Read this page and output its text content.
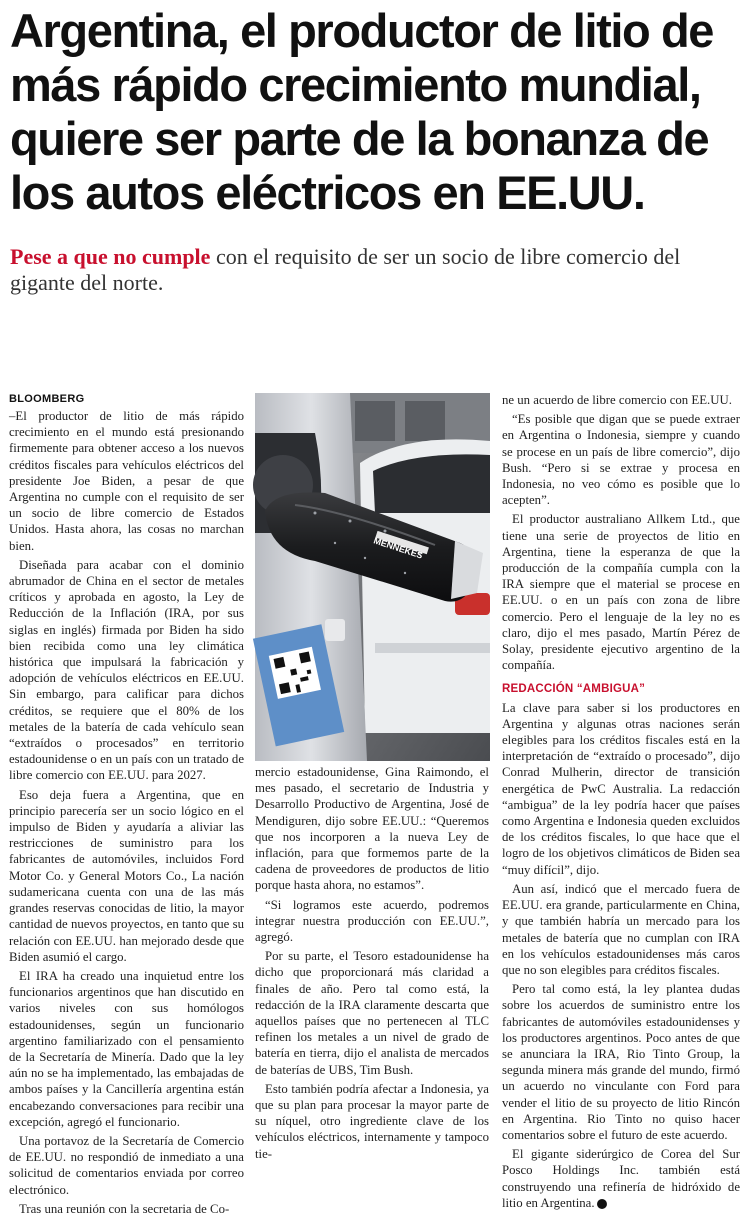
Argentina, el productor de litio de más rápido crecimiento mundial, quiere ser parte de la bonanza de los autos eléctricos en EE.UU.
Pese a que no cumple con el requisito de ser un socio de libre comercio del gigante del norte.
BLOOMBERG

–El productor de litio de más rápido crecimiento en el mundo está presionando firmemente para obtener acceso a los nuevos créditos fiscales para vehículos eléctricos del presidente Joe Biden, a pesar de que Argentina no cumple con el requisito de ser un socio de libre comercio de Estados Unidos. Hasta ahora, las cosas no marchan bien.

Diseñada para acabar con el dominio abrumador de China en el sector de metales críticos y aprobada en agosto, la Ley de Reducción de la Inflación (IRA, por sus siglas en inglés) firmada por Biden ha sido bien recibida como una ley climática histórica que impulsará la fabricación y adopción de vehículos eléctricos en EE.UU. Sin embargo, para calificar para dichos créditos, se requiere que el 80% de los metales de la batería de cada vehículo sean “extraídos o procesados” en territorio estadounidense o en un país con un tratado de libre comercio con EE.UU. para 2027.

Eso deja fuera a Argentina, que en principio parecería ser un socio lógico en el impulso de Biden y ayudaría a aliviar las restricciones de suministro para los fabricantes de automóviles, incluidos Ford Motor Co. y General Motors Co., La nación sudamericana cuenta con una de las más grandes reservas conocidas de litio, la mayor cantidad de nuevos proyectos, en tanto que su relación con EE.UU. han mejorado desde que Biden asumió el cargo.

El IRA ha creado una inquietud entre los funcionarios argentinos que han discutido en varios niveles con sus homólogos estadounidenses, según un funcionario argentino familiarizado con el pensamiento de la Secretaría de Minería. Dado que la ley aún no se ha implementado, las embajadas de ambos países y la Cancillería argentina están encabezando conversaciones para recibir una excepción, agregó el funcionario.

Una portavoz de la Secretaría de Comercio de EE.UU. no respondió de inmediato a una solicitud de comentarios enviada por correo electrónico.

Tras una reunión con la secretaria de Co-

MENNEKES

mercio estadounidense, Gina Raimondo, el mes pasado, el secretario de Industria y Desarrollo Productivo de Argentina, José de Mendiguren, dijo sobre EE.UU.: “Queremos que nos incorporen a la nueva Ley de inflación, para que formemos parte de la cadena de proveedores de productos de litio porque hasta ahora, no estamos”.

“Si logramos este acuerdo, podremos integrar nuestra producción con EE.UU.”, agregó.

Por su parte, el Tesoro estadounidense ha dicho que proporcionará más claridad a finales de año. Pero tal como está, la redacción de la IRA claramente descarta que aquellos países que no pertenecen al TLC refinen los metales a un nivel de grado de batería en tierra, dijo el analista de mercados de baterías de UBS, Tim Bush.

Esto también podría afectar a Indonesia, ya que su plan para procesar la mayor parte de su níquel, otro ingrediente clave de los vehículos eléctricos, internamente y tampoco tie-

ne un acuerdo de libre comercio con EE.UU.

“Es posible que digan que se puede extraer en Argentina o Indonesia, siempre y cuando se procese en un país de libre comercio”, dijo Bush. “Pero si se extrae y procesa en Indonesia, no veo cómo es posible que lo acepten”.

El productor australiano Allkem Ltd., que tiene una serie de proyectos de litio en Argentina, tiene la esperanza de que la producción de la compañía cumpla con la IRA siempre que el material se procese en EE.UU. o en un país con zona de libre comercio. Pero el lenguaje de la ley no es claro, dijo el mes pasado, Martín Pérez de Solay, presidente ejecutivo argentino de la compañía.

REDACCIÓN “AMBIGUA”

La clave para saber si los productores en Argentina y algunas otras naciones serán elegibles para los créditos fiscales está en la interpretación de “extraído o procesado”, dijo Conrad Mulherin, director de transición energética de PwC Australia. La redacción “ambigua” de la ley podría hacer que países como Argentina e Indonesia queden excluidos de los créditos fiscales, lo que hace que el logro de los objetivos climáticos de Biden sea “muy difícil”, dijo.

Aun así, indicó que el mercado fuera de EE.UU. era grande, particularmente en China, y que también habría un mercado para los metales de batería que no cumplan con IRA en los vehículos estadounidenses más caros que no son elegibles para créditos fiscales.

Pero tal como está, la ley plantea dudas sobre los acuerdos de suministro entre los fabricantes de automóviles estadounidenses y los productores argentinos. Poco antes de que se anunciara la IRA, Rio Tinto Group, la segunda minera más grande del mundo, firmó un acuerdo no vinculante con Ford para vender el litio de su proyecto de litio Rincón en Argentina. Rio Tinto no quiso hacer comentarios sobre el futuro de este acuerdo.

El gigante siderúrgico de Corea del Sur Posco Holdings Inc. también está construyendo una refinería de hidróxido de litio en Argentina. P
